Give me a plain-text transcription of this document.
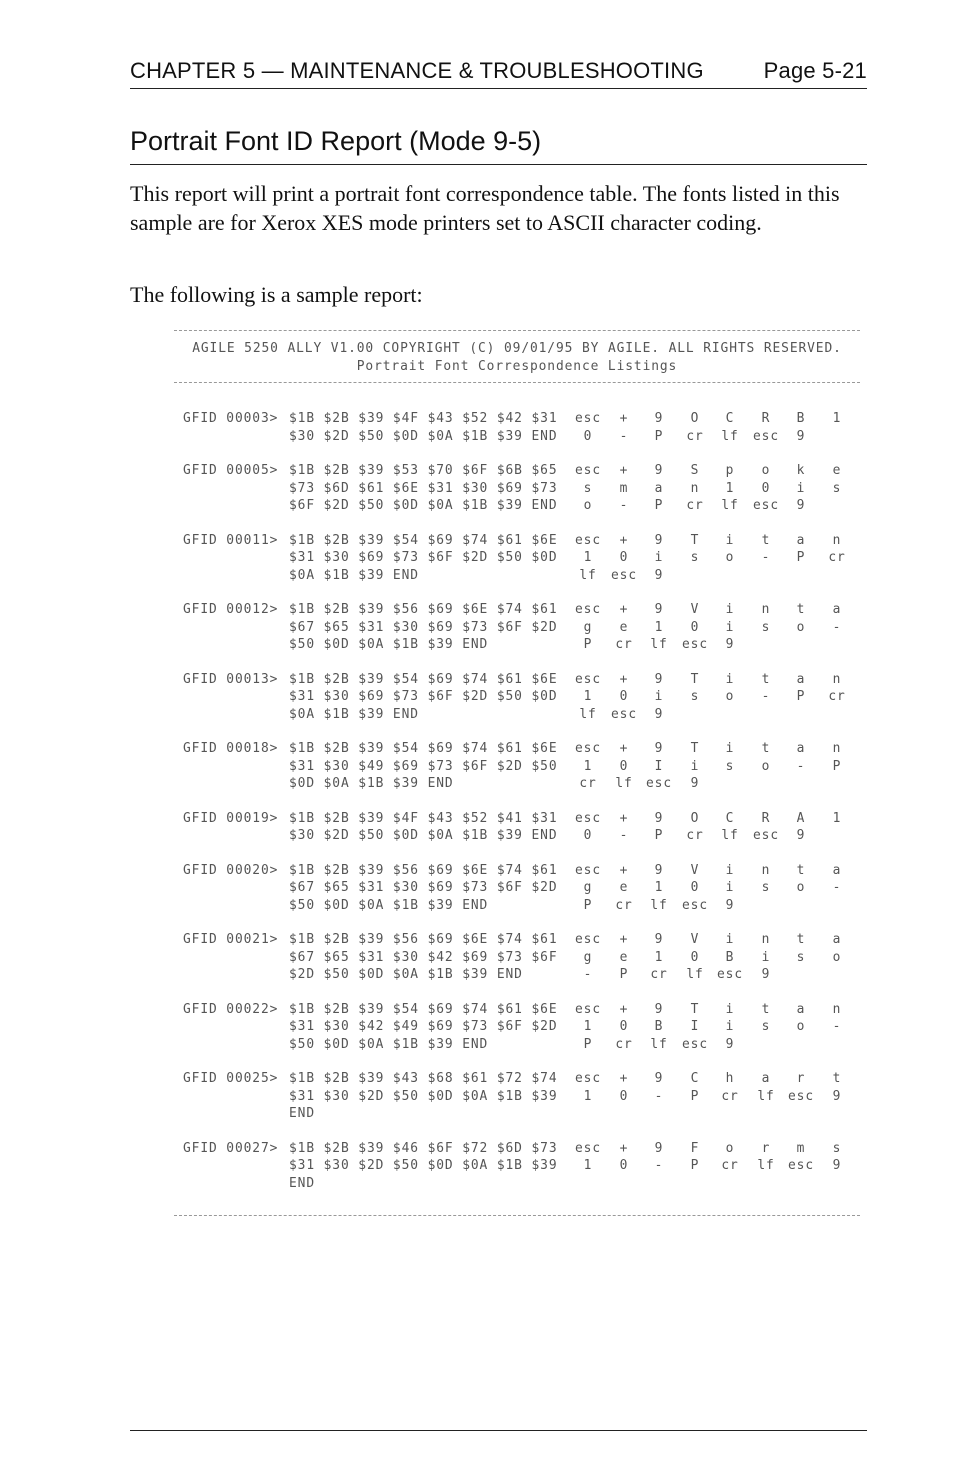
CHAPTER 5 — MAINTENANCE & TROUBLESHOOTING	Page 5-21
Portrait Font ID Report (Mode 9-5)
This report will print a portrait font correspondence table. The fonts listed in this sample are for Xerox XES mode printers set to ASCII character coding.
The following is a sample report:
AGILE 5250 ALLY V1.00 COPYRIGHT (C) 09/01/95 BY AGILE. ALL RIGHTS RESERVED.
Portrait Font Correspondence Listings
GFID 00003> $1B $2B $39 $4F $43 $52 $42 $31	esc	+	9	O	C	R	B	1
$30 $2D $50 $0D $0A $1B $39 END	0	-	P	cr	lf	esc	9
GFID 00005> $1B $2B $39 $53 $70 $6F $6B $65	esc	+	9	S	p	o	k	e
$73 $6D $61 $6E $31 $30 $69 $73	s	m	a	n	1	0	i	s
$6F $2D $50 $0D $0A $1B $39 END	o	-	P	cr	lf	esc	9
GFID 00011> $1B $2B $39 $54 $69 $74 $61 $6E	esc	+	9	T	i	t	a	n
$31 $30 $69 $73 $6F $2D $50 $0D	1	0	i	s	o	-	P	cr
$0A $1B $39 END	lf	esc	9
GFID 00012> $1B $2B $39 $56 $69 $6E $74 $61	esc	+	9	V	i	n	t	a
$67 $65 $31 $30 $69 $73 $6F $2D	g	e	1	0	i	s	o	-
$50 $0D $0A $1B $39 END	P	cr	lf	esc	9
GFID 00013> $1B $2B $39 $54 $69 $74 $61 $6E	esc	+	9	T	i	t	a	n
$31 $30 $69 $73 $6F $2D $50 $0D	1	0	i	s	o	-	P	cr
$0A $1B $39 END	lf	esc	9
GFID 00018> $1B $2B $39 $54 $69 $74 $61 $6E	esc	+	9	T	i	t	a	n
$31 $30 $49 $69 $73 $6F $2D $50	1	0	I	i	s	o	-	P
$0D $0A $1B $39 END	cr	lf	esc	9
GFID 00019> $1B $2B $39 $4F $43 $52 $41 $31	esc	+	9	O	C	R	A	1
$30 $2D $50 $0D $0A $1B $39 END	0	-	P	cr	lf	esc	9
GFID 00020> $1B $2B $39 $56 $69 $6E $74 $61	esc	+	9	V	i	n	t	a
$67 $65 $31 $30 $69 $73 $6F $2D	g	e	1	0	i	s	o	-
$50 $0D $0A $1B $39 END	P	cr	lf	esc	9
GFID 00021> $1B $2B $39 $56 $69 $6E $74 $61	esc	+	9	V	i	n	t	a
$67 $65 $31 $30 $42 $69 $73 $6F	g	e	1	0	B	i	s	o
$2D $50 $0D $0A $1B $39 END	-	P	cr	lf	esc	9
GFID 00022> $1B $2B $39 $54 $69 $74 $61 $6E	esc	+	9	T	i	t	a	n
$31 $30 $42 $49 $69 $73 $6F $2D	1	0	B	I	i	s	o	-
$50 $0D $0A $1B $39 END	P	cr	lf	esc	9
GFID 00025> $1B $2B $39 $43 $68 $61 $72 $74	esc	+	9	C	h	a	r	t
$31 $30 $2D $50 $0D $0A $1B $39	1	0	-	P	cr	lf	esc	9
END
GFID 00027> $1B $2B $39 $46 $6F $72 $6D $73	esc	+	9	F	o	r	m	s
$31 $30 $2D $50 $0D $0A $1B $39	1	0	-	P	cr	lf	esc	9
END
